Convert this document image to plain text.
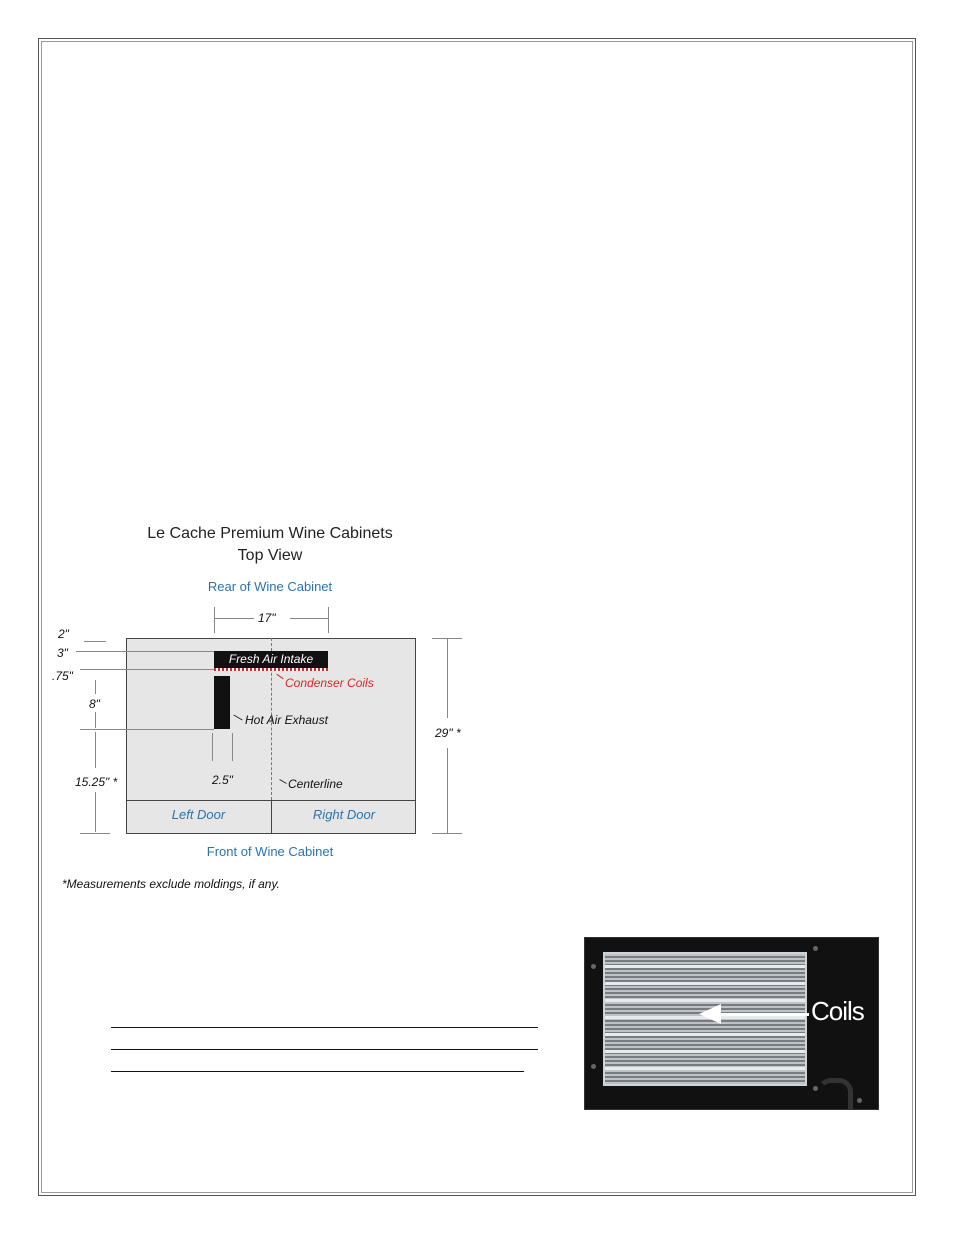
Le Cache Premium Wine Cabinets
Top View
Rear of Wine Cabinet
17"
Left Door	Right Door
Fresh Air Intake
Condenser Coils
Hot Air Exhaust
Centerline
2"
3"
.75"
8"
15.25" *	2.5"
29" *
Front of Wine Cabinet
*Measurements exclude moldings, if any.
Coils
